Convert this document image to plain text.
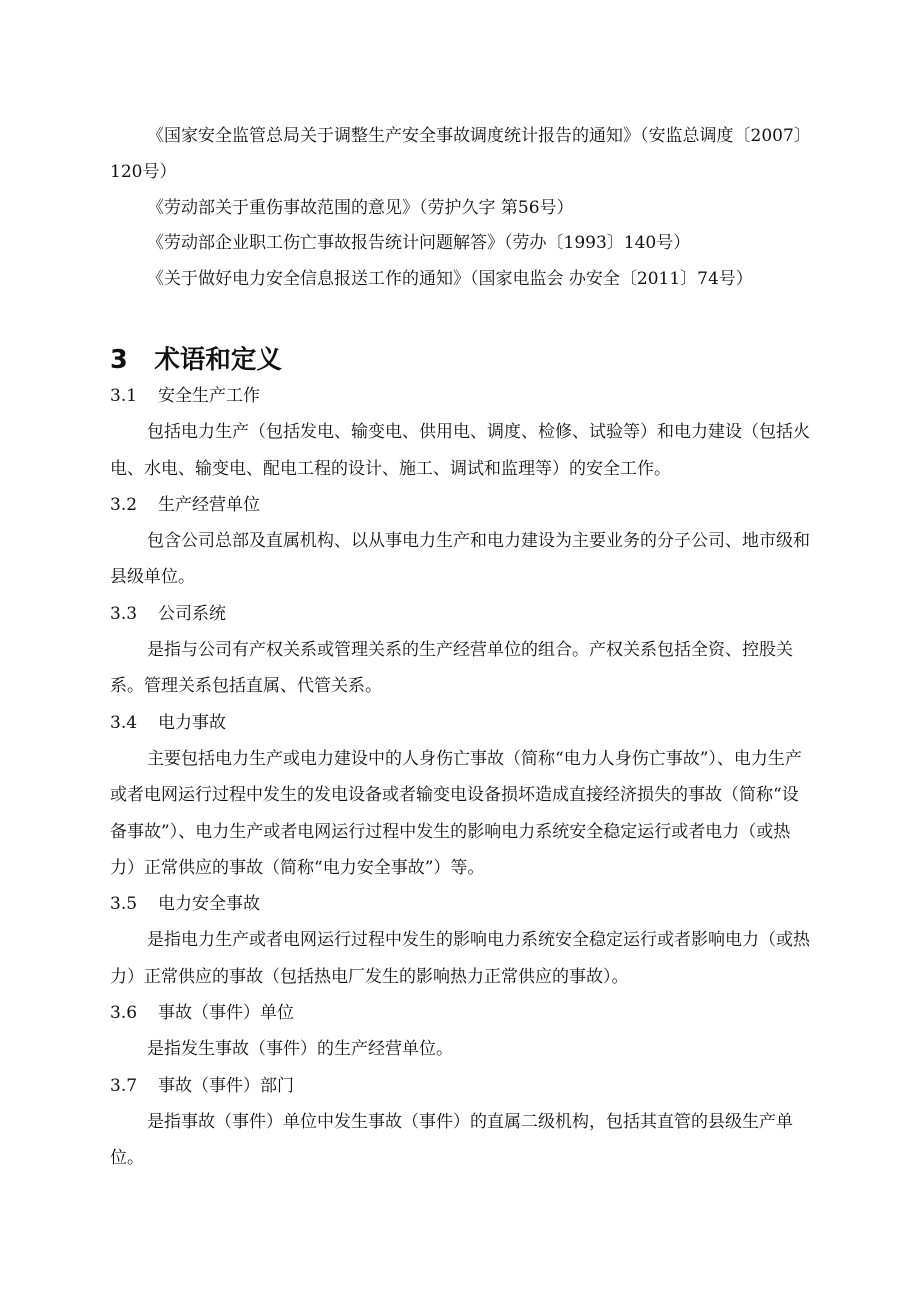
《国家安全监管总局关于调整生产安全事故调度统计报告的通知》（安监总调度〔2007〕120号）

《劳动部关于重伤事故范围的意见》（劳护久字 第56号）

《劳动部企业职工伤亡事故报告统计问题解答》（劳办〔1993〕140号）

《关于做好电力安全信息报送工作的通知》（国家电监会 办安全〔2011〕74号）

3 术语和定义

3.1 安全生产工作

包括电力生产（包括发电、输变电、供用电、调度、检修、试验等）和电力建设（包括火电、水电、输变电、配电工程的设计、施工、调试和监理等）的安全工作。

3.2 生产经营单位

包含公司总部及直属机构、以从事电力生产和电力建设为主要业务的分子公司、地市级和县级单位。

3.3 公司系统

是指与公司有产权关系或管理关系的生产经营单位的组合。产权关系包括全资、控股关系。管理关系包括直属、代管关系。

3.4 电力事故

主要包括电力生产或电力建设中的人身伤亡事故（简称“电力人身伤亡事故”）、电力生产或者电网运行过程中发生的发电设备或者输变电设备损坏造成直接经济损失的事故（简称“设备事故”）、电力生产或者电网运行过程中发生的影响电力系统安全稳定运行或者电力（或热力）正常供应的事故（简称“电力安全事故”）等。

3.5 电力安全事故

是指电力生产或者电网运行过程中发生的影响电力系统安全稳定运行或者影响电力（或热力）正常供应的事故（包括热电厂发生的影响热力正常供应的事故）。

3.6 事故（事件）单位

是指发生事故（事件）的生产经营单位。

3.7 事故（事件）部门

是指事故（事件）单位中发生事故（事件）的直属二级机构，包括其直管的县级生产单位。
